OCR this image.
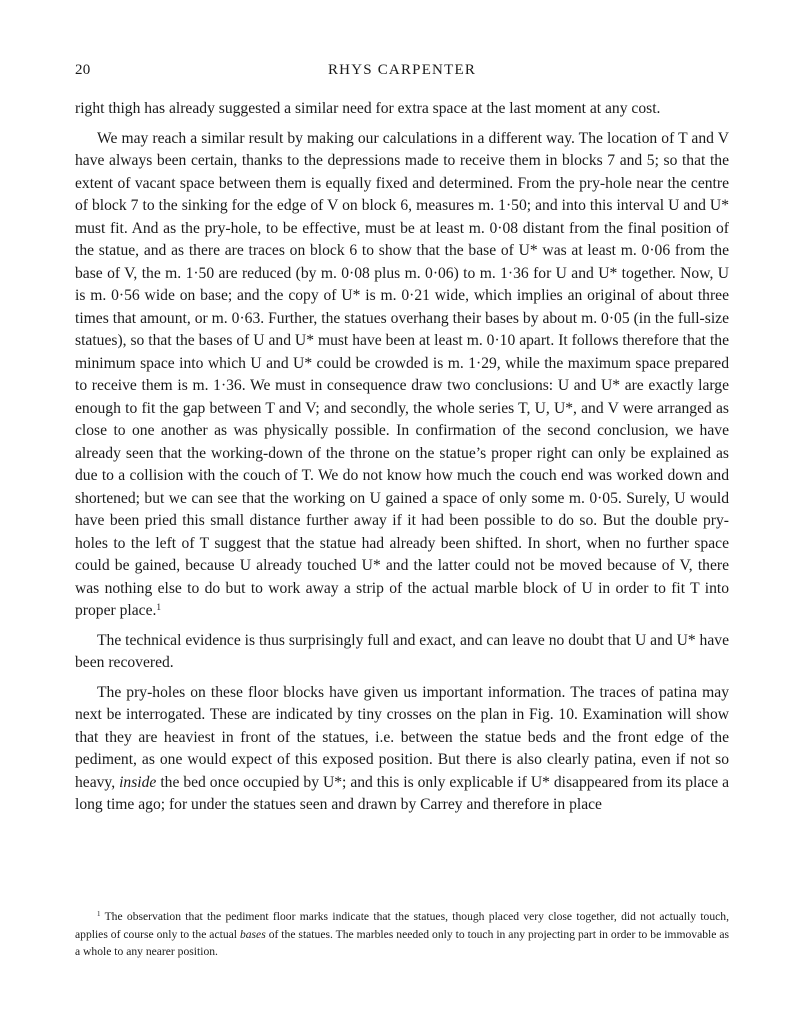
20	RHYS CARPENTER

right thigh has already suggested a similar need for extra space at the last moment at any cost.

We may reach a similar result by making our calculations in a different way. The location of T and V have always been certain, thanks to the depressions made to receive them in blocks 7 and 5; so that the extent of vacant space between them is equally fixed and determined. From the pry-hole near the centre of block 7 to the sinking for the edge of V on block 6, measures m. 1·50; and into this interval U and U* must fit. And as the pry-hole, to be effective, must be at least m. 0·08 distant from the final position of the statue, and as there are traces on block 6 to show that the base of U* was at least m. 0·06 from the base of V, the m. 1·50 are reduced (by m. 0·08 plus m. 0·06) to m. 1·36 for U and U* together. Now, U is m. 0·56 wide on base; and the copy of U* is m. 0·21 wide, which implies an original of about three times that amount, or m. 0·63. Further, the statues overhang their bases by about m. 0·05 (in the full-size statues), so that the bases of U and U* must have been at least m. 0·10 apart. It follows therefore that the minimum space into which U and U* could be crowded is m. 1·29, while the maximum space prepared to receive them is m. 1·36. We must in consequence draw two conclusions: U and U* are exactly large enough to fit the gap between T and V; and secondly, the whole series T, U, U*, and V were arranged as close to one another as was physically possible. In confirmation of the second conclusion, we have already seen that the working-down of the throne on the statue’s proper right can only be explained as due to a collision with the couch of T. We do not know how much the couch end was worked down and shortened; but we can see that the working on U gained a space of only some m. 0·05. Surely, U would have been pried this small distance further away if it had been possible to do so. But the double pry-holes to the left of T suggest that the statue had already been shifted. In short, when no further space could be gained, because U already touched U* and the latter could not be moved because of V, there was nothing else to do but to work away a strip of the actual marble block of U in order to fit T into proper place.$^1$

The technical evidence is thus surprisingly full and exact, and can leave no doubt that U and U* have been recovered.

The pry-holes on these floor blocks have given us important information. The traces of patina may next be interrogated. These are indicated by tiny crosses on the plan in Fig. 10. Examination will show that they are heaviest in front of the statues, i.e. between the statue beds and the front edge of the pediment, as one would expect of this exposed position. But there is also clearly patina, even if not so heavy, inside the bed once occupied by U*; and this is only explicable if U* disappeared from its place a long time ago; for under the statues seen and drawn by Carrey and therefore in place

$^1$ The observation that the pediment floor marks indicate that the statues, though placed very close together, did not actually touch, applies of course only to the actual bases of the statues. The marbles needed only to touch in any projecting part in order to be immovable as a whole to any nearer position.
